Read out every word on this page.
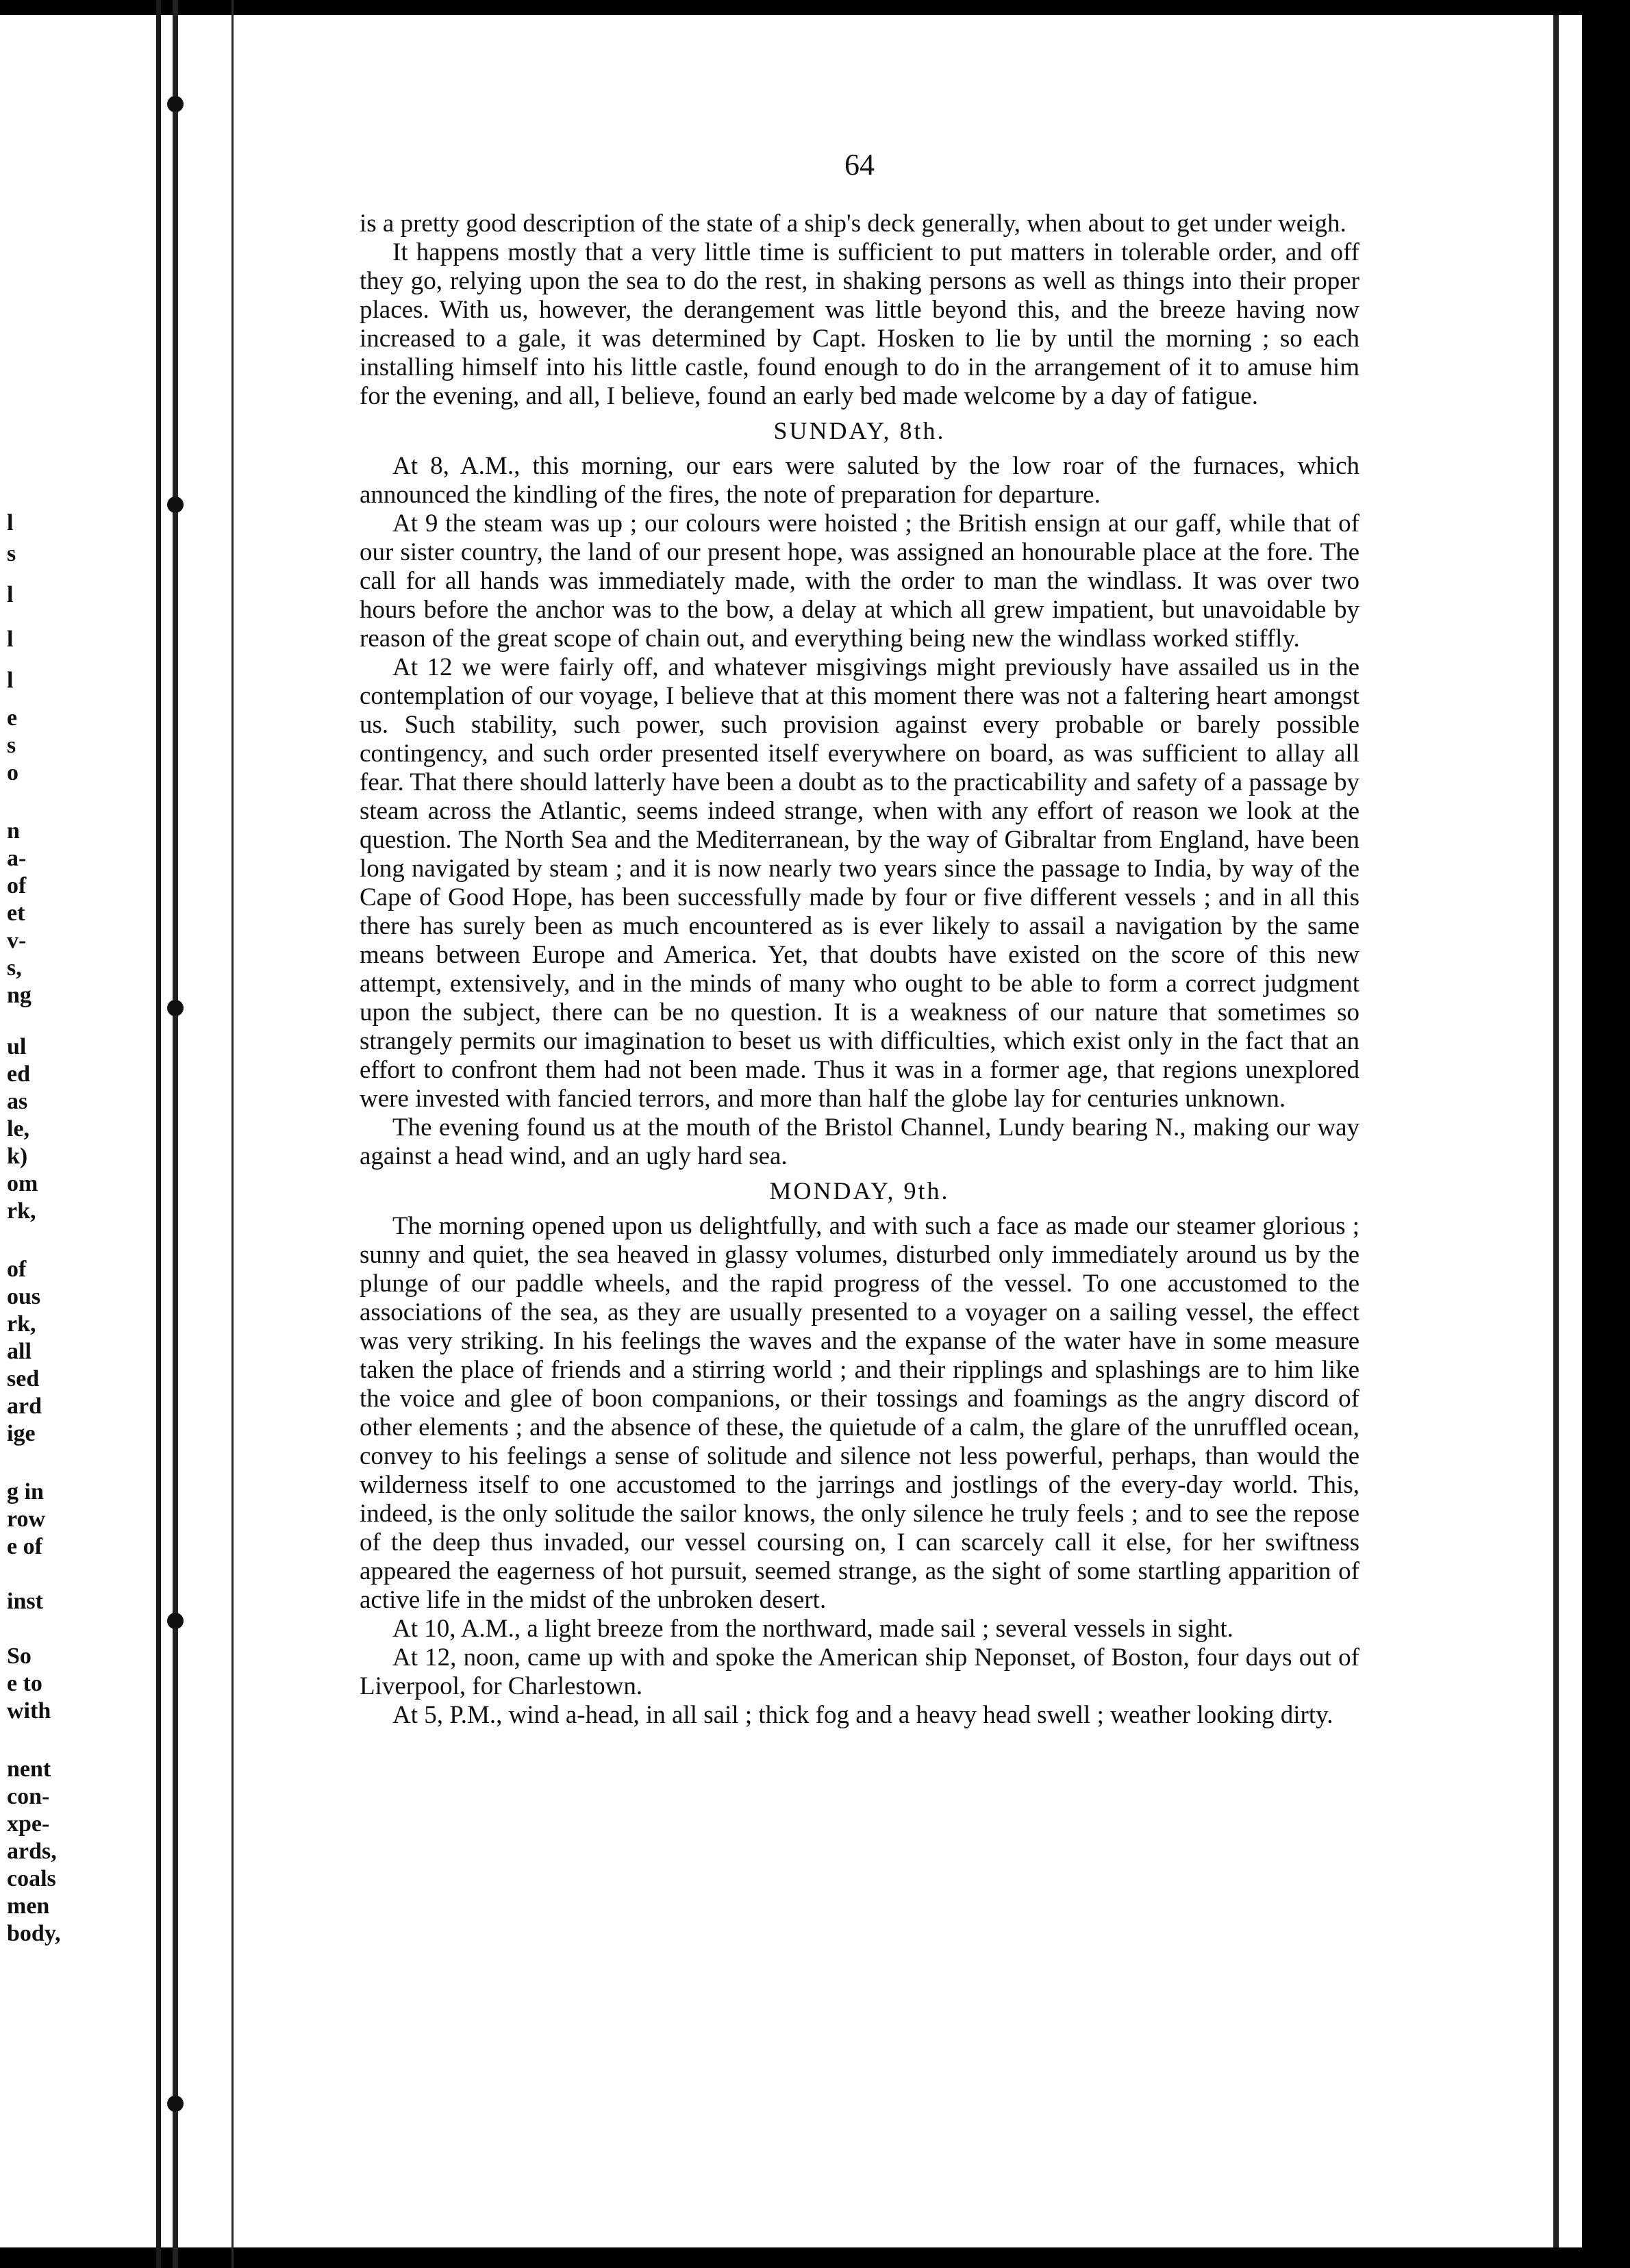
l
s
l
l
l
e
s
o
n
a-
of
et
v-
s,
ng
ul
ed
as
le,
k)
om
rk,
of
ous
rk,
all
sed
ard
ige
g in
row
e of
inst
So
e to
with
nent
con-
xpe-
ards,
coals
men
body,
64

is a pretty good description of the state of a ship's deck generally, when about to get under weigh.

It happens mostly that a very little time is sufficient to put matters in tolerable order, and off they go, relying upon the sea to do the rest, in shaking persons as well as things into their proper places. With us, however, the derangement was little beyond this, and the breeze having now increased to a gale, it was determined by Capt. Hosken to lie by until the morning ; so each installing himself into his little castle, found enough to do in the arrangement of it to amuse him for the evening, and all, I believe, found an early bed made welcome by a day of fatigue.

SUNDAY, 8th.

At 8, A.M., this morning, our ears were saluted by the low roar of the furnaces, which announced the kindling of the fires, the note of preparation for departure.

At 9 the steam was up ; our colours were hoisted ; the British ensign at our gaff, while that of our sister country, the land of our present hope, was assigned an honourable place at the fore. The call for all hands was immediately made, with the order to man the windlass. It was over two hours before the anchor was to the bow, a delay at which all grew impatient, but unavoidable by reason of the great scope of chain out, and everything being new the windlass worked stiffly.

At 12 we were fairly off, and whatever misgivings might previously have assailed us in the contemplation of our voyage, I believe that at this moment there was not a faltering heart amongst us. Such stability, such power, such provision against every probable or barely possible contingency, and such order presented itself everywhere on board, as was sufficient to allay all fear. That there should latterly have been a doubt as to the practicability and safety of a passage by steam across the Atlantic, seems indeed strange, when with any effort of reason we look at the question. The North Sea and the Mediterranean, by the way of Gibraltar from England, have been long navigated by steam ; and it is now nearly two years since the passage to India, by way of the Cape of Good Hope, has been successfully made by four or five different vessels ; and in all this there has surely been as much encountered as is ever likely to assail a navigation by the same means between Europe and America. Yet, that doubts have existed on the score of this new attempt, extensively, and in the minds of many who ought to be able to form a correct judgment upon the subject, there can be no question. It is a weakness of our nature that sometimes so strangely permits our imagination to beset us with difficulties, which exist only in the fact that an effort to confront them had not been made. Thus it was in a former age, that regions unexplored were invested with fancied terrors, and more than half the globe lay for centuries unknown.

The evening found us at the mouth of the Bristol Channel, Lundy bearing N., making our way against a head wind, and an ugly hard sea.

MONDAY, 9th.

The morning opened upon us delightfully, and with such a face as made our steamer glorious ; sunny and quiet, the sea heaved in glassy volumes, disturbed only immediately around us by the plunge of our paddle wheels, and the rapid progress of the vessel. To one accustomed to the associations of the sea, as they are usually presented to a voyager on a sailing vessel, the effect was very striking. In his feelings the waves and the expanse of the water have in some measure taken the place of friends and a stirring world ; and their ripplings and splashings are to him like the voice and glee of boon companions, or their tossings and foamings as the angry discord of other elements ; and the absence of these, the quietude of a calm, the glare of the unruffled ocean, convey to his feelings a sense of solitude and silence not less powerful, perhaps, than would the wilderness itself to one accustomed to the jarrings and jostlings of the every-day world. This, indeed, is the only solitude the sailor knows, the only silence he truly feels ; and to see the repose of the deep thus invaded, our vessel coursing on, I can scarcely call it else, for her swiftness appeared the eagerness of hot pursuit, seemed strange, as the sight of some startling apparition of active life in the midst of the unbroken desert.

At 10, A.M., a light breeze from the northward, made sail ; several vessels in sight.

At 12, noon, came up with and spoke the American ship Neponset, of Boston, four days out of Liverpool, for Charlestown.

At 5, P.M., wind a-head, in all sail ; thick fog and a heavy head swell ; weather looking dirty.
